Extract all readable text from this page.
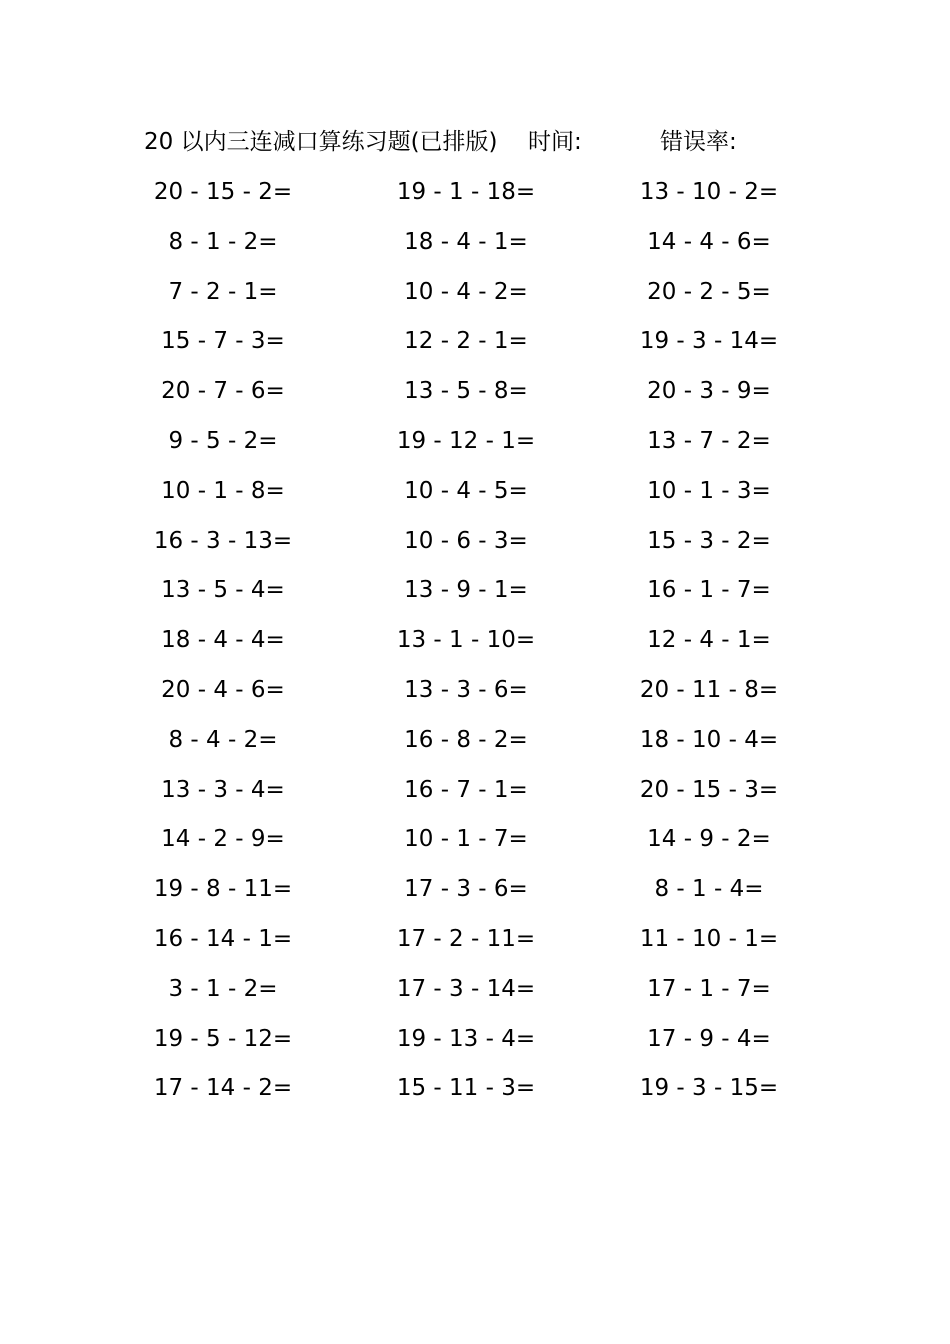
20 以内三连减口算练习题(已排版) 时间:	错误率:
20 - 15 - 2=	19 - 1 - 18=	13 - 10 - 2=
8 - 1 - 2=	18 - 4 - 1=	14 - 4 - 6=
7 - 2 - 1=	10 - 4 - 2=	20 - 2 - 5=
15 - 7 - 3=	12 - 2 - 1=	19 - 3 - 14=
20 - 7 - 6=	13 - 5 - 8=	20 - 3 - 9=
9 - 5 - 2=	19 - 12 - 1=	13 - 7 - 2=
10 - 1 - 8=	10 - 4 - 5=	10 - 1 - 3=
16 - 3 - 13=	10 - 6 - 3=	15 - 3 - 2=
13 - 5 - 4=	13 - 9 - 1=	16 - 1 - 7=
18 - 4 - 4=	13 - 1 - 10=	12 - 4 - 1=
20 - 4 - 6=	13 - 3 - 6=	20 - 11 - 8=
8 - 4 - 2=	16 - 8 - 2=	18 - 10 - 4=
13 - 3 - 4=	16 - 7 - 1=	20 - 15 - 3=
14 - 2 - 9=	10 - 1 - 7=	14 - 9 - 2=
19 - 8 - 11=	17 - 3 - 6=	8 - 1 - 4=
16 - 14 - 1=	17 - 2 - 11=	11 - 10 - 1=
3 - 1 - 2=	17 - 3 - 14=	17 - 1 - 7=
19 - 5 - 12=	19 - 13 - 4=	17 - 9 - 4=
17 - 14 - 2=	15 - 11 - 3=	19 - 3 - 15=
